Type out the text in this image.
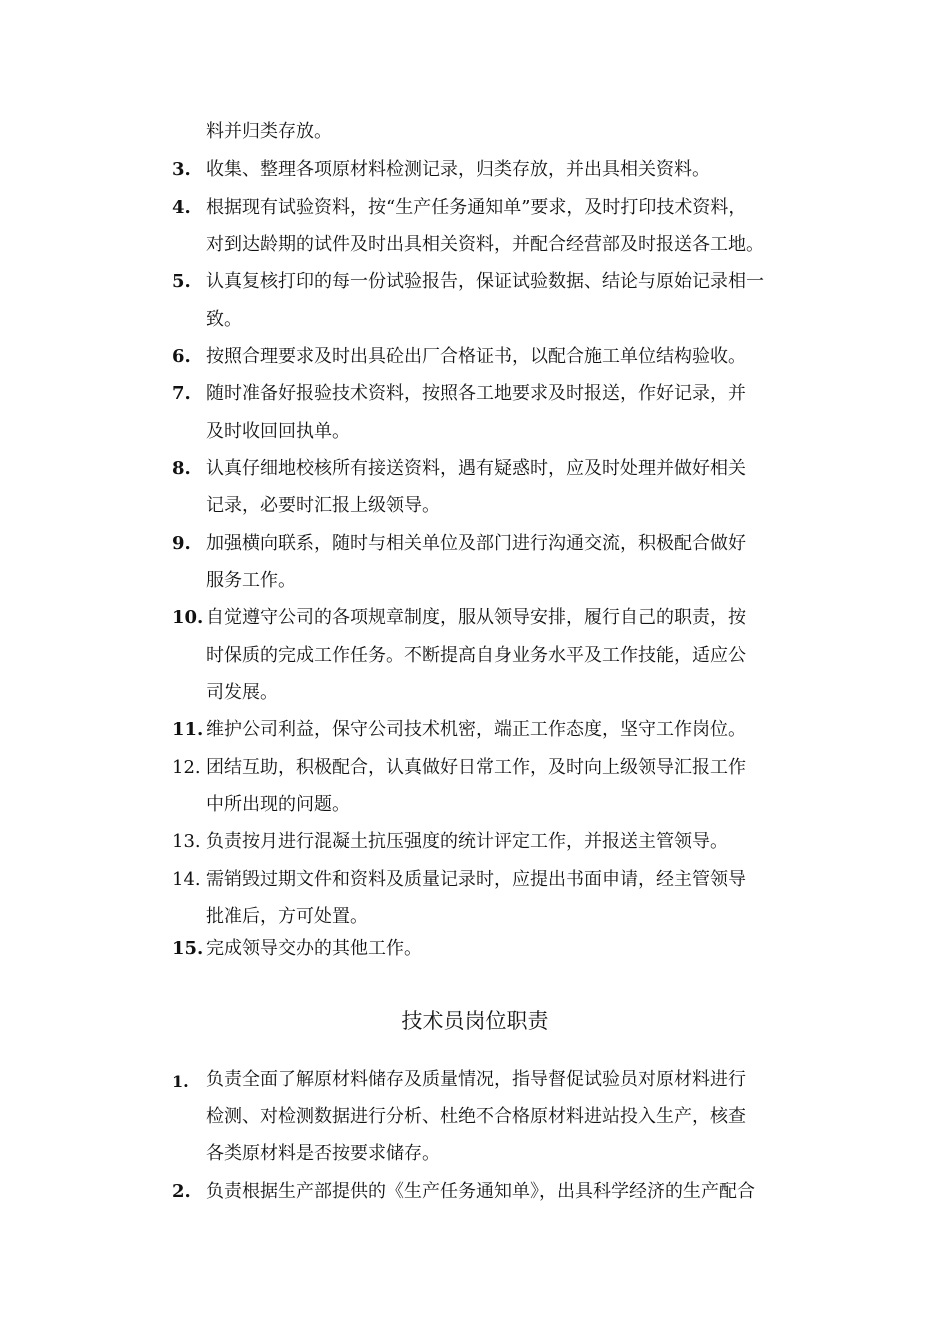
料并归类存放。
3. 收集、整理各项原材料检测记录，归类存放，并出具相关资料。
4. 根据现有试验资料，按“生产任务通知单”要求，及时打印技术资料，
对到达龄期的试件及时出具相关资料，并配合经营部及时报送各工地。
5. 认真复核打印的每一份试验报告，保证试验数据、结论与原始记录相一
致。
6. 按照合理要求及时出具砼出厂合格证书，以配合施工单位结构验收。
7. 随时准备好报验技术资料，按照各工地要求及时报送，作好记录，并
及时收回回执单。
8. 认真仔细地校核所有接送资料，遇有疑惑时，应及时处理并做好相关
记录，必要时汇报上级领导。
9. 加强横向联系，随时与相关单位及部门进行沟通交流，积极配合做好
服务工作。
10. 自觉遵守公司的各项规章制度，服从领导安排，履行自己的职责，按
时保质的完成工作任务。不断提高自身业务水平及工作技能，适应公
司发展。
11. 维护公司利益，保守公司技术机密，端正工作态度，坚守工作岗位。
12. 团结互助，积极配合，认真做好日常工作，及时向上级领导汇报工作
中所出现的问题。
13. 负责按月进行混凝土抗压强度的统计评定工作，并报送主管领导。
14. 需销毁过期文件和资料及质量记录时，应提出书面申请，经主管领导
批准后，方可处置。
15. 完成领导交办的其他工作。
技术员岗位职责
1. 负责全面了解原材料储存及质量情况，指导督促试验员对原材料进行
检测、对检测数据进行分析、杜绝不合格原材料进站投入生产，核查
各类原材料是否按要求储存。
2. 负责根据生产部提供的《生产任务通知单》，出具科学经济的生产配合
